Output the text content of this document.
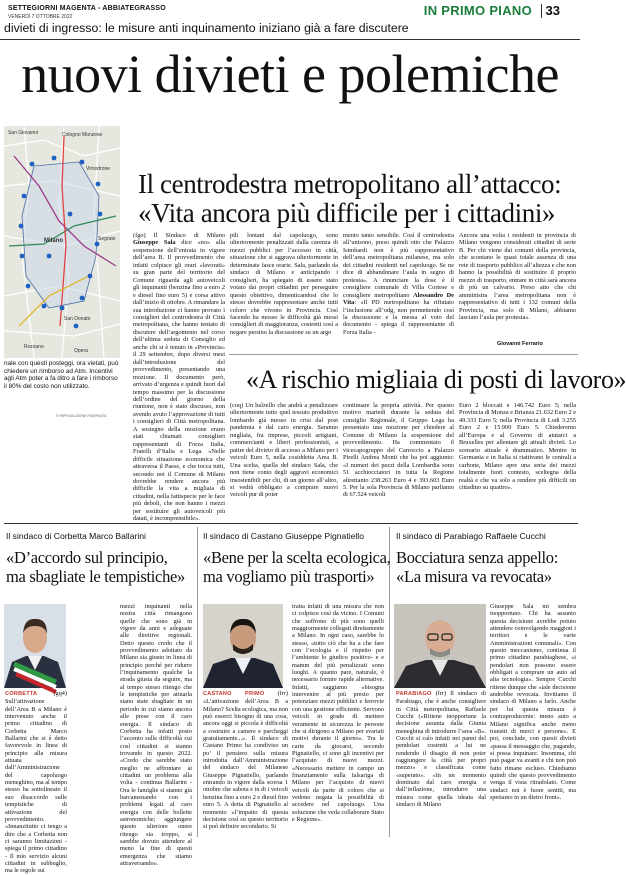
SETTEGIORNI MAGENTA - ABBIATEGRASSO
VENERDÌ 7 OTTOBRE 2022	IN PRIMO PIANO 33
divieti di ingresso: le misure anti inquinamento iniziano già a fare discutere
nuovi divieti e polemiche
Cologno Monzese
Vimodrone
San Giovanni
Segrate
San Donato
Rozzano
Opera
Milano
nale con questi posteggi, ora vietati, può chiedere un rimborso ad Atm. Incentivi agli Atm poter a fa ditro a fare i rimborso il 80% del costo non utilizzato.
© RIPRODUZIONE RISERVATA
Il centrodestra metropolitano all’attacco:
«Vita ancora più difficile per i cittadini»
(fgo) Il Sindaco di Milano Giuseppe Sala dice «no» alla sospensione dell’entrata in vigore dell’area B. Il provvedimento che infatti colpisce gli orari «lavorati» su gran parte del territorio del Comune riguarda agli autoveicoli gli inquinanti (benzina fino a euro 2 e diesel fino euro 5) e corsa attivo dall’inizio di ottobre. A rimandare la sua introduzione ci hanno provato i consiglieri del centrodestra di Città metropolitana, che hanno tentato di discutere dell’argomento nel corso dell’ultima seduta di Consiglio ed anche chi si è tenuto in «Provincia» il 29 settembre, dopo diversi mesi dall’introduzione del provvedimento, presentando una mozione. Il documento però, arrivato d’urgenza e quindi fuori dal tempo massimo per la discussione dell’ordine del giorno della riunione, non è stato discusso, non avendo avuto l’approvazione di tutti i consiglieri di Città metropolitana. A sostegno della mozione erano stati chiamati consiglieri rappresentanti di Forza Italia, Fratelli d’Italia e Lega. «Nelle difficile situazione economica che attraversa il Paese, e che tocca tutti, secondo noi il Comune di Milano dovrebbe rendere ancora più difficile la vita a migliaia di cittadini, nella fattispecie per le face più deboli, che non hanno i mezzi per sostituire gli autoveicoli più datati, è incomprensibile».
pili lontani dal capoluogo, sono ulteriormente penalizzati dalla carenza di mezzi pubblici per l’accesso in città, situazione che si aggrava ulteriormente in determinate fasce orarie. Sala, parlando da sindaco di Milano e anticipando i consiglieri, ha spiegato di essere stato votato dai propri cittadini per perseguire questo obiettivo, dimenticandosi che lo stesso dovrebbe rappresentare anche tutti coloro che vivono in Provincia. Così facendo ha mosso le difficoltà già messi consiglieri di maggioranza, costretti così a negare persino la discussione su un argo
mento tanto sensibile. Così il centrodestra all’unisono, preso quindi otto che Palazzo Isimbardi non è più rappresentativo dell’area metropolitana milanese, ma solo dei cittadini residenti nel capoluogo. Se ne dice di abbandonare l’aula in segno di protesta». A rinunciare la dose è il consigliere comunale di Villa Cortese e consigliere metropolitano Alessandro De Vita: «Il PD metropolitano ha rifiutato l’inclusione all’odg, non permettendo così la discussione e la messa al voto del documento - spiega il rappresentante di Forza Italia -
Ancora una volta i residenti in provincia di Milano vengono considerati cittadini di serie B. Per chi viene dai comuni della provincia, che scontano le quasi totale assenza di una rete di trasporto pubblico all’altezza e che non hanno la possibilità di sostituire il proprio mezzo di trasporto, entrare in città sarà ancora di più un calvario. Preso atto che chi amministra l’area metropolitana non è rappresentativo di tutti i 132 comuni della Provincia, ma solo di Milano, abbiamo lasciato l’aula per protesta».
Giovanni Ferrario
«A rischio migliaia di posti di lavoro»
(coq) Un balzello che andrà a penalizzare ulteriormente tutto quel tessuto produttivo lombardo già messo in crisi dal post pandemia e dal caro energia. Saranno migliaia, fra imprese, piccoli artigiani, commercianti e liberi professionisti, a patire del divieto di accesso a Milano per i veicoli Euro 5, nella cosiddetta Area B. Una scelta, quella del sindaco Sala, che non tiene conto degli aggravi economici insostenibili per chi, di un giorno all’altro, si vedrà obbligato a comprare nuovi veicoli pur di poter
continuare la propria attività. Per questo motivo martedì durante la seduta del consiglio Regionale, il Gruppo Lega ha presentato una mozione per chiedere al Comune di Milano la sospensione del provvedimento. Ha commentato il vicecapogruppo del Carroccio a Palazzo Pirelli Andrea Monti che ha poi aggiunto: «I numeri dei pezzi della Lombardia sono 51 acchiocciatori in tutta la Regione altrettanto 238.263 Euro 4 e 393.603 Euro 5. Per la sola Provincia di Milano parliamo di 67.524 veicoli
Euro 2 bloccati e 146.742 Euro 5; nella Provincia di Monza e Brianza 21.632 Euro 2 e 49.333 Euro 5; nella Provincia di Lodi 3.255 Euro 2 e 15.900 Euro 5. Chiederemo all’Europa e al Governo di aiutarci a Bruxelles per allentare gli attuali divieti. Lo scenario attuale è drammatico. Mentre in Germania e in Italia si riattivano le centrali a carbone, Milano apre una seria dei mezzi totalmente fuori contesto, sceltegna della realtà e che va solo a rendere più difficili un cittadino su quattro».
Il sindaco di Corbetta Marco Ballarini
«D’accordo sul principio,
ma sbagliate le tempistiche»
CORBETTA (gq4) Sull’attivazione dell’Area B a Milano è intervenuto anche il primo cittadino di Corbetta Marco Ballarini che si è detto favorevole in linea di principio alla misura attuata dall’Amministrazione del capoluogo meneghino, ma al tempo stesso ha sottolineato il suo disaccordo sulle tempistiche di attivazione del provvedimento. «Innanzitutto ci tengo a dire che a Corbetta non ci saranno limitazioni - spiega il primo cittadino - Il mio servizio alcuni cittadini in subbuglio, ma le regole sui
mezzi inquinanti nella nostra città rimangono quelle che sono già in vigore da anni e adeguate alle direttive regionali. Detto questo credo che il provvedimento adottato da Milano sia giusto in linea di principio perché per ridurre l’inquinamento qualche la strada giusta da seguire, ma al tempo stesso ritengo che le tempistiche per attuarla siano state sbagliate in un periodo in cui siamo ancora alle prese con il caro energia. Il sindaco di Corbetta ha infatti posto l’accento sulle difficoltà cui così cittadini si stanno trovando in questo 2022. «Credo che sarebbe stato meglio ne affrontare ai cittadini un problema alla volta - continua Ballarini - Ora le famiglie si stanno già barcamenando con i problemi legati al caro energia con delle bollette astronomiche; aggiungere questo ulteriore onere ritengo sia troppo, si sarebbe dovuto attendere al meno la fine di questi emergenza che stiamo attraversando».
Il sindaco di Castano Giuseppe Pignatiello
«Bene per la scelta ecologica,
ma vogliamo più trasporti»
CASTANO PRIMO (frr) «L’attivazione dell’Area B a Milano? Scelta ecologica, ma non può esserci bisogno di una cosa, ancora oggi si piccola è difficoltà a costruire a camere e parcheggi gratuitamente...». Il sindaco di Castano Primo ha condiviso un po’ il pensiero sulla misura introdotta dall’Amministrazione del sindaco del Milanese Giuseppe Pignatiello, parlando entrando in vigore dalla scorsa 1 ottobre che sabota e in di i veicoli benzina fino a euro 2 e diesel fino euro 5. A detta di Pignatiello al momento «l’impatto di questa decisione così su questo territorio si può definire secondario. Si
tratta infatti di una misura che non ci colpisce così da vicino. I Comuni che soffrono di più sono quelli maggiormente collegati direttamente a Milano. In ogni caso, sarebbe lo stesso, «tutto ciò che ha a che fare con l’ecologia e il rispetto per l’ambiente lo giudico positivo- e e mamm del più penalizzati sono luoghi. A quanto pare, naturale, è necessario fornire rapide alternative. Infatti, saggiamo «bisogna intervenire al più presto per potenziare mezzi pubblici e ferrovie con una gestione efficiente. Servono veicoli in grado di mettere veramente in sicurezza le persone che si dirigono a Milano per svariati motivi durante il giorno». Tra le carte da giocarsi, secondo Pignatiello, ci sono gli incentivi per l’acquisto di nuovi mezzi. «Necessario mettere in campo un finanziamento sulla falsariga di Milano per l’acquisto di nuovi veicoli da parte di coloro che si vedono negata la possibilità di accedere nel capoluogo. Una soluzione che veda collaborare Stato e Regione».
Il sindaco di Parabiago Raffaele Cucchi
Bocciatura senza appello:
«La misura va revocata»
PARABIAGO (frr) Il sindaco di Parabiago, che è anche consigliere in Città metropolitana, Raffaele Cucchi («Ritiene inopportune la decisione assunta dalla Giunta meneghina di introdurre l’area «B». Cucchi si calo infatti nei panni del pendolari costretti a lui ne rendendo il disagio di non poter raggiungere la città per propri mezzo» e classificata come «superato». «In un momento dominato dal caro energia e dall’inflazione, introdurre una misura come quella ideata dal sindaco di Milano
Giuseppe Sala mi sembra inopportuno. Chi ha assunto questa decisione avrebbe potuto attendere coinvolgendo maggiori i territori e le varie Amministrazioni comunali». Con questo meccanismo, continua il primo cittadino parabiaghese, «i pendolari non possono essere obbligati a comprare un auto ad alta tecnologia». Sempre Cucchi ritiene dunque che «tale decisione andrebbe revocata. Invitiamo il sindaco di Milano a farlo. Anche per lui questa misura è contraproducente: meno auto a Milano significa anche meno transiti di merci e persone». E poi, conclude, con questi divieti «passa il messaggio che, pagando, si possa inquinare. Insomma, chi può pagar va avanti e chi non può fatto rimane escluso. Chiediamo quindi che questo provvedimento venga il vista ritradolato. Come sindaci noi è fuore sentiti, ma spetiamo in un dietro front».
·
